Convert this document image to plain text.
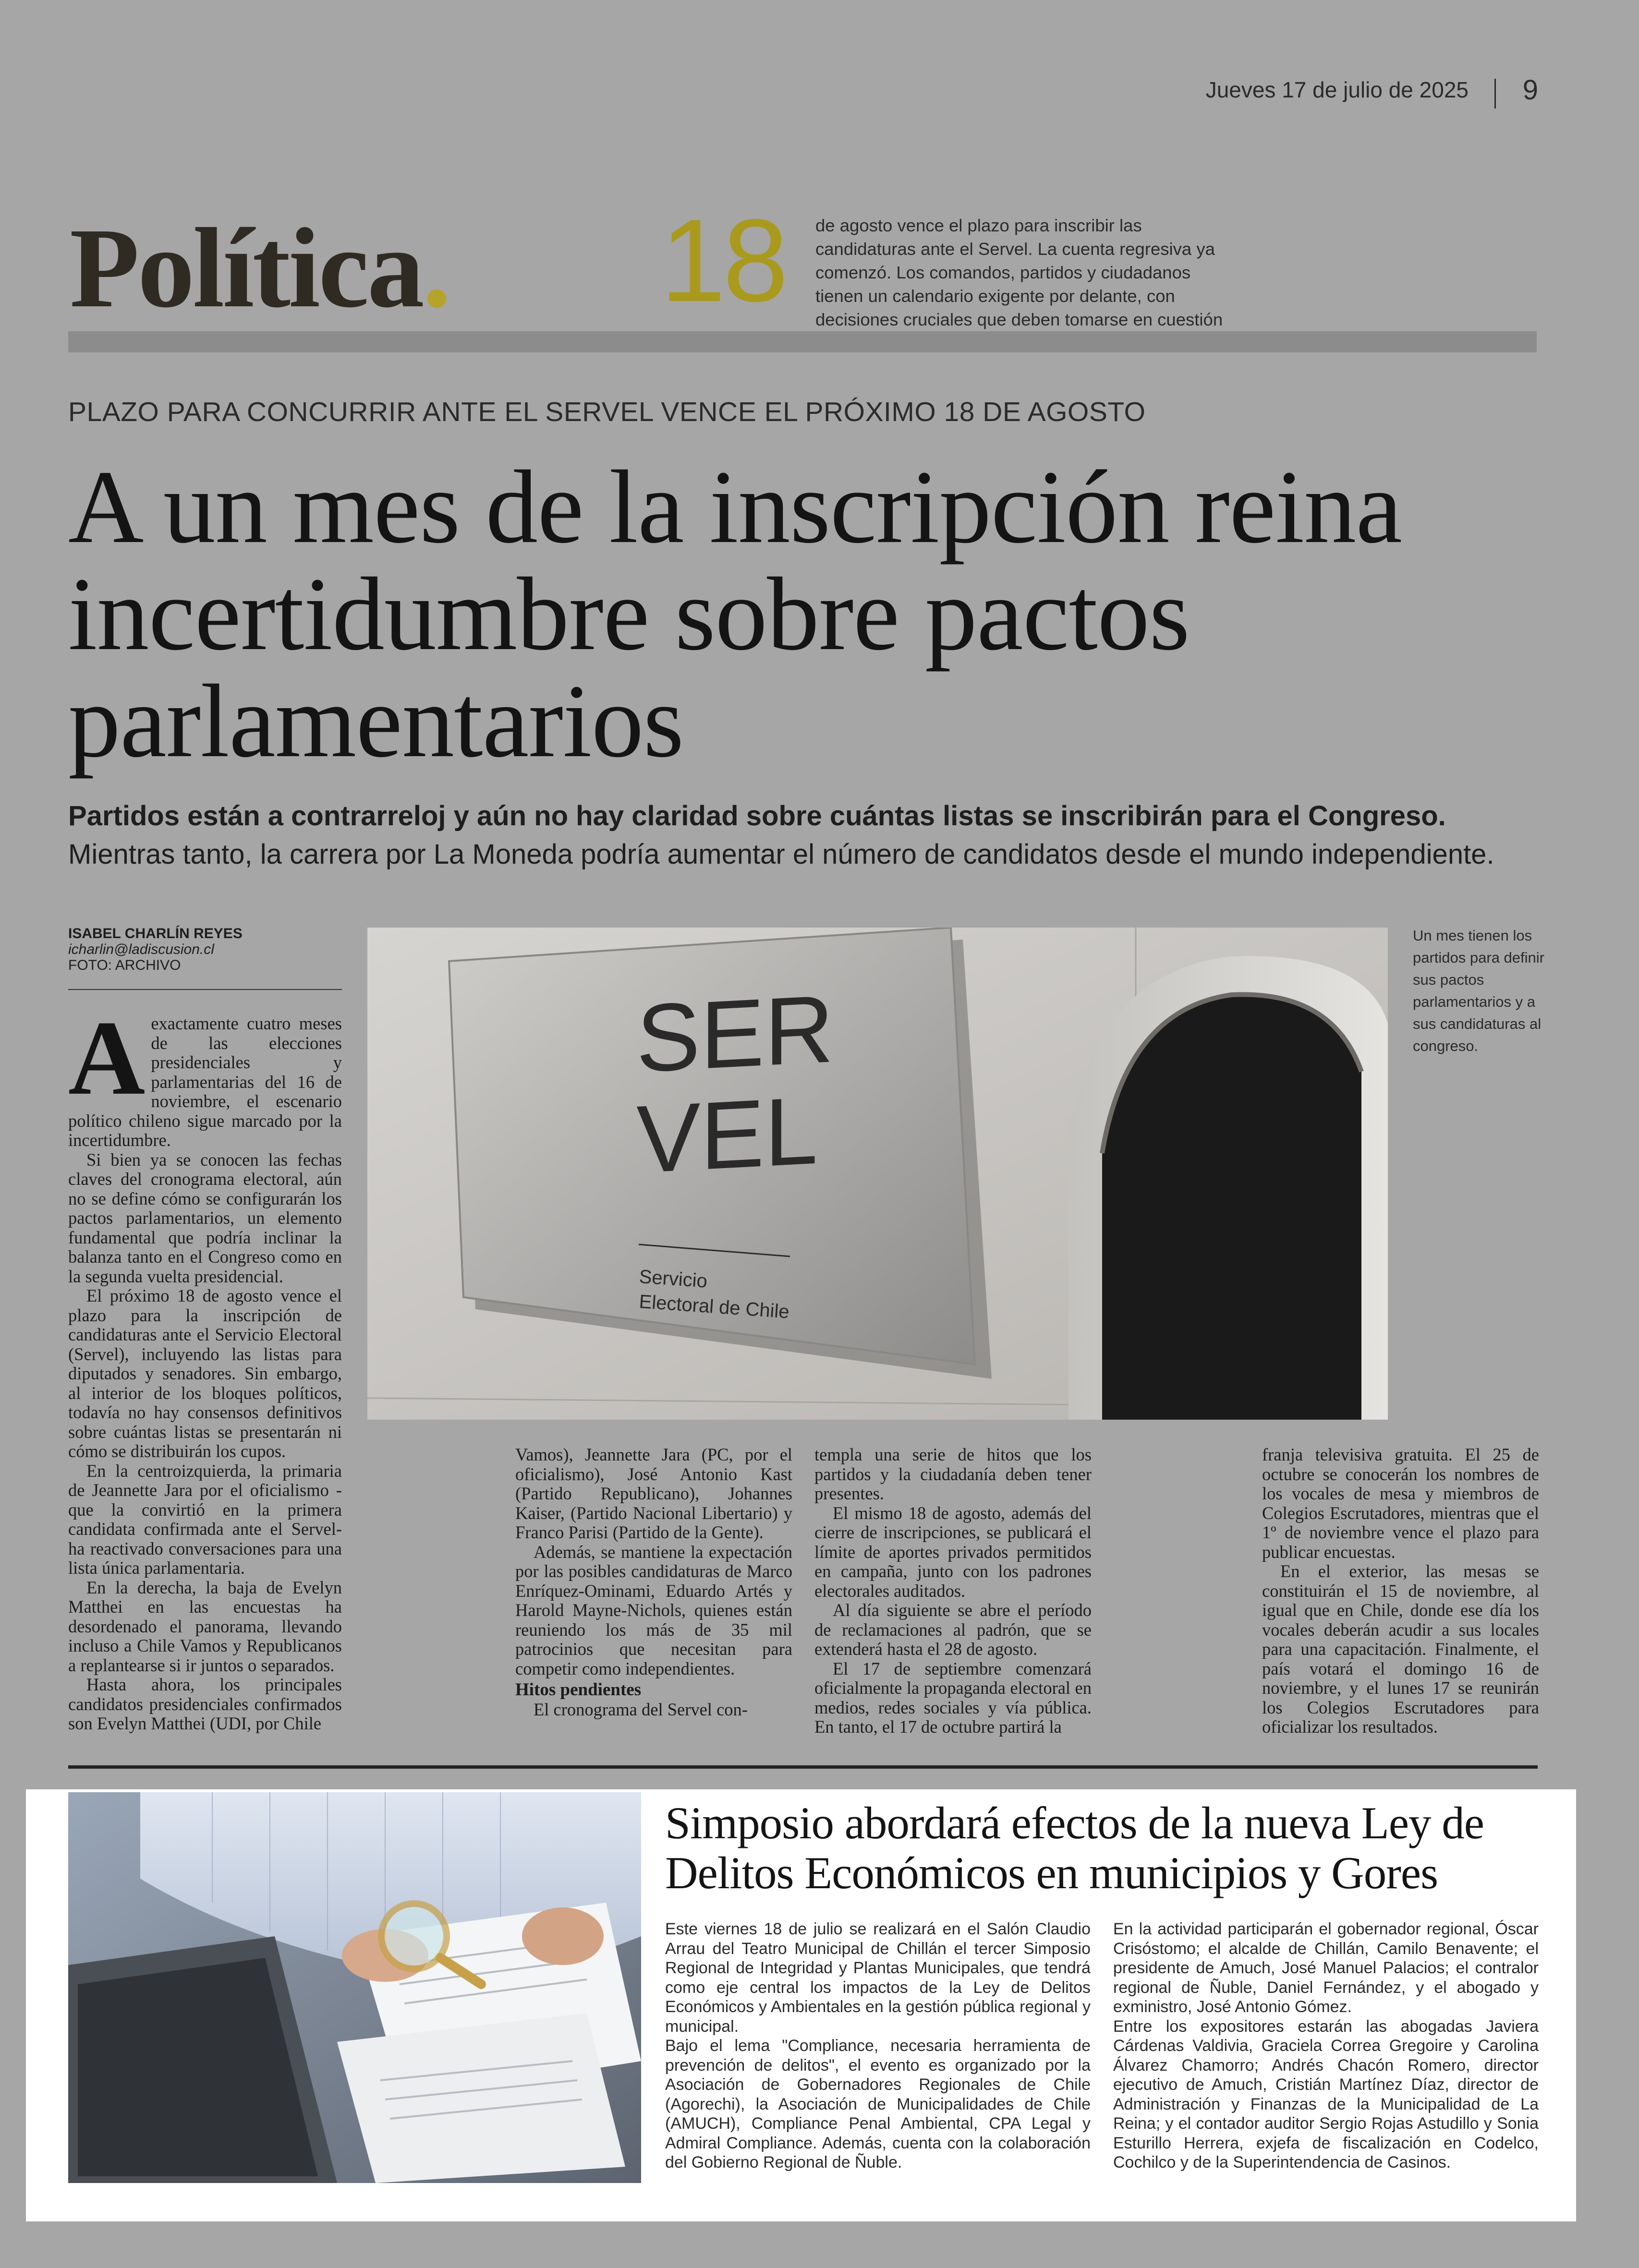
Jueves 17 de julio de 2025 9
Política. 18 de agosto vence el plazo para inscribir las candidaturas ante el Servel. La cuenta regresiva ya comenzó. Los comandos, partidos y ciudadanos tienen un calendario exigente por delante, con decisiones cruciales que deben tomarse en cuestión
PLAZO PARA CONCURRIR ANTE EL SERVEL VENCE EL PRÓXIMO 18 DE AGOSTO
A un mes de la inscripción reina incertidumbre sobre pactos parlamentarios
Partidos están a contrarreloj y aún no hay claridad sobre cuántas listas se inscribirán para el Congreso. Mientras tanto, la carrera por La Moneda podría aumentar el número de candidatos desde el mundo independiente.
ISABEL CHARLÍN REYES
icharlin@ladiscusion.cl
FOTO: ARCHIVO
SER
VEL
Servicio
Electoral de Chile
Un mes tienen los partidos para definir sus pactos parlamentarios y a sus candidaturas al congreso.
A exactamente cuatro meses de las elecciones presidenciales y parlamentarias del 16 de noviembre, el escenario político chileno sigue marcado por la incertidumbre.

Si bien ya se conocen las fechas claves del cronograma electoral, aún no se define cómo se configurarán los pactos parlamentarios, un elemento fundamental que podría inclinar la balanza tanto en el Congreso como en la segunda vuelta presidencial.

El próximo 18 de agosto vence el plazo para la inscripción de candidaturas ante el Servicio Electoral (Servel), incluyendo las listas para diputados y senadores. Sin embargo, al interior de los bloques políticos, todavía no hay consensos definitivos sobre cuántas listas se presentarán ni cómo se distribuirán los cupos.

En la centroizquierda, la primaria de Jeannette Jara por el oficialismo -que la convirtió en la primera candidata confirmada ante el Servel- ha reactivado conversaciones para una lista única parlamentaria.

En la derecha, la baja de Evelyn Matthei en las encuestas ha desordenado el panorama, llevando incluso a Chile Vamos y Republicanos a replantearse si ir juntos o separados.

Hasta ahora, los principales candidatos presidenciales confirmados son Evelyn Matthei (UDI, por Chile

Vamos), Jeannette Jara (PC, por el oficialismo), José Antonio Kast (Partido Republicano), Johannes Kaiser, (Partido Nacional Libertario) y Franco Parisi (Partido de la Gente).

Además, se mantiene la expectación por las posibles candidaturas de Marco Enríquez-Ominami, Eduardo Artés y Harold Mayne-Nichols, quienes están reuniendo los más de 35 mil patrocinios que necesitan para competir como independientes.

Hitos pendientes

El cronograma del Servel con-

templa una serie de hitos que los partidos y la ciudadanía deben tener presentes.

El mismo 18 de agosto, además del cierre de inscripciones, se publicará el límite de aportes privados permitidos en campaña, junto con los padrones electorales auditados.

Al día siguiente se abre el período de reclamaciones al padrón, que se extenderá hasta el 28 de agosto.

El 17 de septiembre comenzará oficialmente la propaganda electoral en medios, redes sociales y vía pública. En tanto, el 17 de octubre partirá la

franja televisiva gratuita. El 25 de octubre se conocerán los nombres de los vocales de mesa y miembros de Colegios Escrutadores, mientras que el 1º de noviembre vence el plazo para publicar encuestas.

En el exterior, las mesas se constituirán el 15 de noviembre, al igual que en Chile, donde ese día los vocales deberán acudir a sus locales para una capacitación. Finalmente, el país votará el domingo 16 de noviembre, y el lunes 17 se reunirán los Colegios Escrutadores para oficializar los resultados.

Simposio abordará efectos de la nueva Ley de Delitos Económicos en municipios y Gores

Este viernes 18 de julio se realizará en el Salón Claudio Arrau del Teatro Municipal de Chillán el tercer Simposio Regional de Integridad y Plantas Municipales, que tendrá como eje central los impactos de la Ley de Delitos Económicos y Ambientales en la gestión pública regional y municipal.

Bajo el lema "Compliance, necesaria herramienta de prevención de delitos", el evento es organizado por la Asociación de Gobernadores Regionales de Chile (Agorechi), la Asociación de Municipalidades de Chile (AMUCH), Compliance Penal Ambiental, CPA Legal y Admiral Compliance. Además, cuenta con la colaboración del Gobierno Regional de Ñuble.

En la actividad participarán el gobernador regional, Óscar Crisóstomo; el alcalde de Chillán, Camilo Benavente; el presidente de Amuch, José Manuel Palacios; el contralor regional de Ñuble, Daniel Fernández, y el abogado y exministro, José Antonio Gómez.

Entre los expositores estarán las abogadas Javiera Cárdenas Valdivia, Graciela Correa Gregoire y Carolina Álvarez Chamorro; Andrés Chacón Romero, director ejecutivo de Amuch, Cristián Martínez Díaz, director de Administración y Finanzas de la Municipalidad de La Reina; y el contador auditor Sergio Rojas Astudillo y Sonia Esturillo Herrera, exjefa de fiscalización en Codelco, Cochilco y de la Superintendencia de Casinos.
